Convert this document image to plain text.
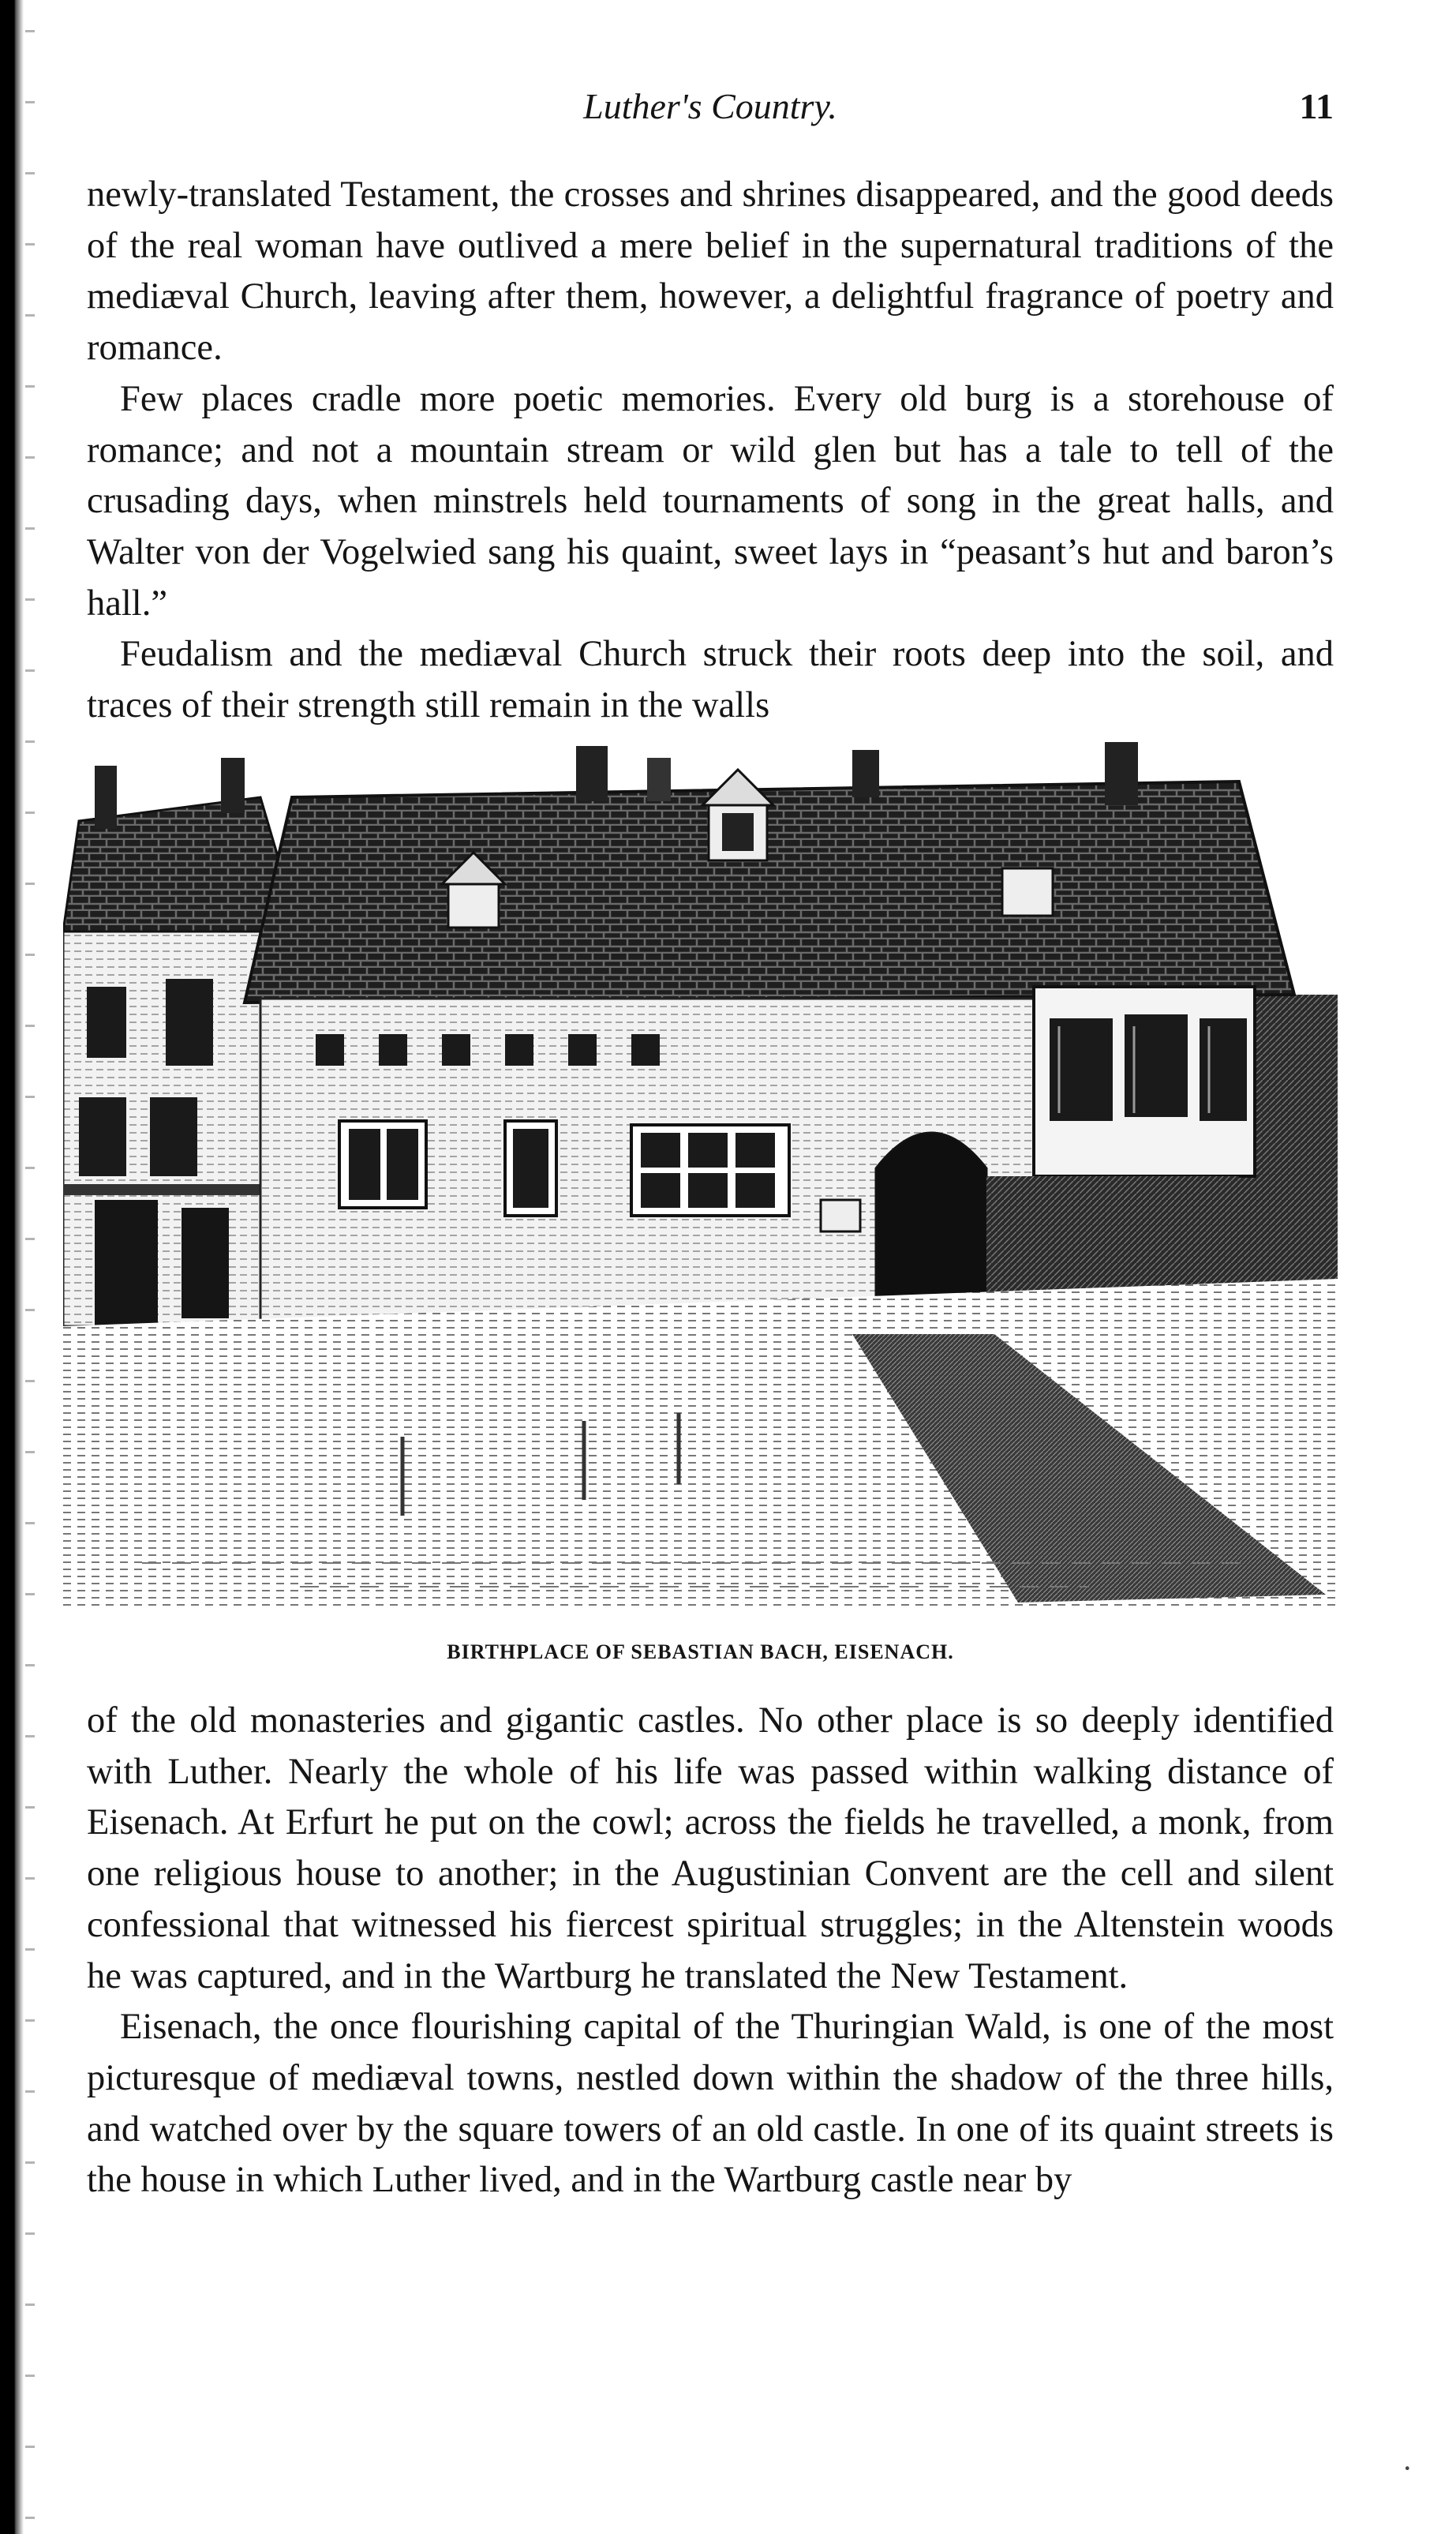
Luther's Country.	11

newly-translated Testament, the crosses and shrines disappeared, and the good deeds of the real woman have outlived a mere belief in the supernatural traditions of the mediæval Church, leaving after them, however, a delightful fragrance of poetry and romance.

Few places cradle more poetic memories. Every old burg is a storehouse of romance; and not a mountain stream or wild glen but has a tale to tell of the crusading days, when minstrels held tournaments of song in the great halls, and Walter von der Vogelwied sang his quaint, sweet lays in “peasant’s hut and baron’s hall.”

Feudalism and the mediæval Church struck their roots deep into the soil, and traces of their strength still remain in the walls

BIRTHPLACE OF SEBASTIAN BACH, EISENACH.

of the old monasteries and gigantic castles. No other place is so deeply identified with Luther. Nearly the whole of his life was passed within walking distance of Eisenach. At Erfurt he put on the cowl; across the fields he travelled, a monk, from one religious house to another; in the Augustinian Convent are the cell and silent confessional that witnessed his fiercest spiritual struggles; in the Altenstein woods he was captured, and in the Wartburg he translated the New Testament.

Eisenach, the once flourishing capital of the Thuringian Wald, is one of the most picturesque of mediæval towns, nestled down within the shadow of the three hills, and watched over by the square towers of an old castle. In one of its quaint streets is the house in which Luther lived, and in the Wartburg castle near by

·
